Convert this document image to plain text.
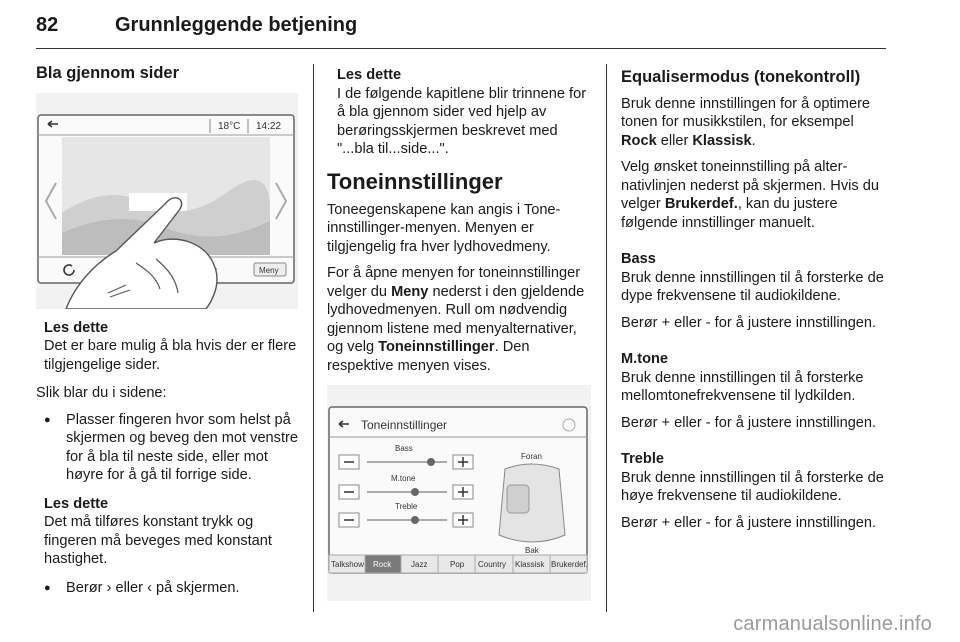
82	Grunnleggende betjening
Bla gjennom sider
18°C 14:22
Meny
Les dette
Det er bare mulig å bla hvis der er flere tilgjengelige sider.

Slik blar du i sidene:

● Plasser fingeren hvor som helst på skjermen og beveg den mot venstre for å bla til neste side, eller mot høyre for å gå til forrige side.
Les dette
Det må tilføres konstant trykk og fingeren må beveges med konstant hastighet.
● Berør › eller ‹ på skjermen.
Les dette
I de følgende kapitlene blir trinnene for å bla gjennom sider ved hjelp av berøringsskjermen beskrevet med "...bla til...side...".
Toneinnstillinger

Toneegenskapene kan angis i Toneinnstillinger-menyen. Menyen er tilgjengelig fra hver lydhovedmeny.

For å åpne menyen for toneinnstillinger velger du Meny nederst i den gjeldende lydhovedmenyen. Rull om nødvendig gjennom listene med menyalternativer, og velg Toneinnstillinger. Den respektive menyen vises.

Toneinnstillinger
Bass
M.tone
Treble
Foran
Bak
Talkshow Rock Jazz	Pop Country Klassisk Brukerdef.
Equalisermodus (tonekontroll)

Bruk denne innstillingen for å optimere tonen for musikkstilen, for eksempel Rock eller Klassisk.

Velg ønsket toneinnstilling på alternativlinjen nederst på skjermen. Hvis du velger Brukerdef., kan du justere følgende innstillinger manuelt.

Bass
Bruk denne innstillingen til å forsterke de dype frekvensene til audiokildene.

Berør + eller - for å justere innstillingen.

M.tone
Bruk denne innstillingen til å forsterke mellomtonefrekvensene til lydkilden.

Berør + eller - for å justere innstillingen.

Treble
Bruk denne innstillingen til å forsterke de høye frekvensene til audiokildene.

Berør + eller - for å justere innstillingen.

carmanualsonline.info
